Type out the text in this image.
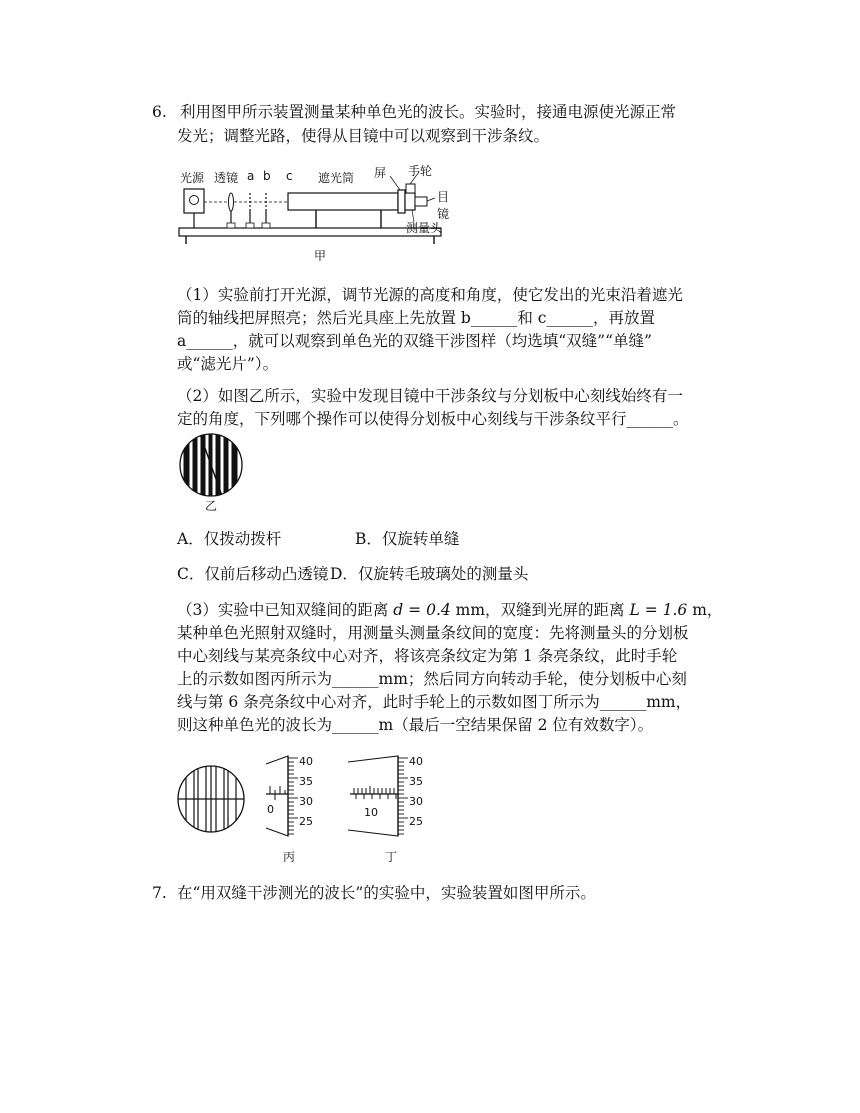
6. 利用图甲所示装置测量某种单色光的波长。实验时，接通电源使光源正常
发光；调整光路，使得从目镜中可以观察到干涉条纹。
光源 透镜 a b c 遮光筒 屏 手轮
目镜
测量头
甲
（1）实验前打开光源，调节光源的高度和角度，使它发出的光束沿着遮光
筒的轴线把屏照亮；然后光具座上先放置 b______和 c______，再放置
a______，就可以观察到单色光的双缝干涉图样（均选填“双缝”“单缝”
或“滤光片”）。
（2）如图乙所示，实验中发现目镜中干涉条纹与分划板中心刻线始终有一
定的角度，下列哪个操作可以使得分划板中心刻线与干涉条纹平行______。
乙
A．仅拨动拨杆	B．仅旋转单缝
C．仅前后移动凸透镜 D．仅旋转毛玻璃处的测量头
（3）实验中已知双缝间的距离 d = 0.4 mm，双缝到光屏的距离 L = 1.6 m，
某种单色光照射双缝时，用测量头测量条纹间的宽度：先将测量头的分划板
中心刻线与某亮条纹中心对齐，将该亮条纹定为第 1 条亮条纹，此时手轮
上的示数如图丙所示为______mm；然后同方向转动手轮，使分划板中心刻
线与第 6 条亮条纹中心对齐，此时手轮上的示数如图丁所示为______mm，
则这种单色光的波长为______m（最后一空结果保留 2 位有效数字）。
0
40
35
30
25
丙
10
40
35
30
25
丁
7. 在“用双缝干涉测光的波长”的实验中，实验装置如图甲所示。
